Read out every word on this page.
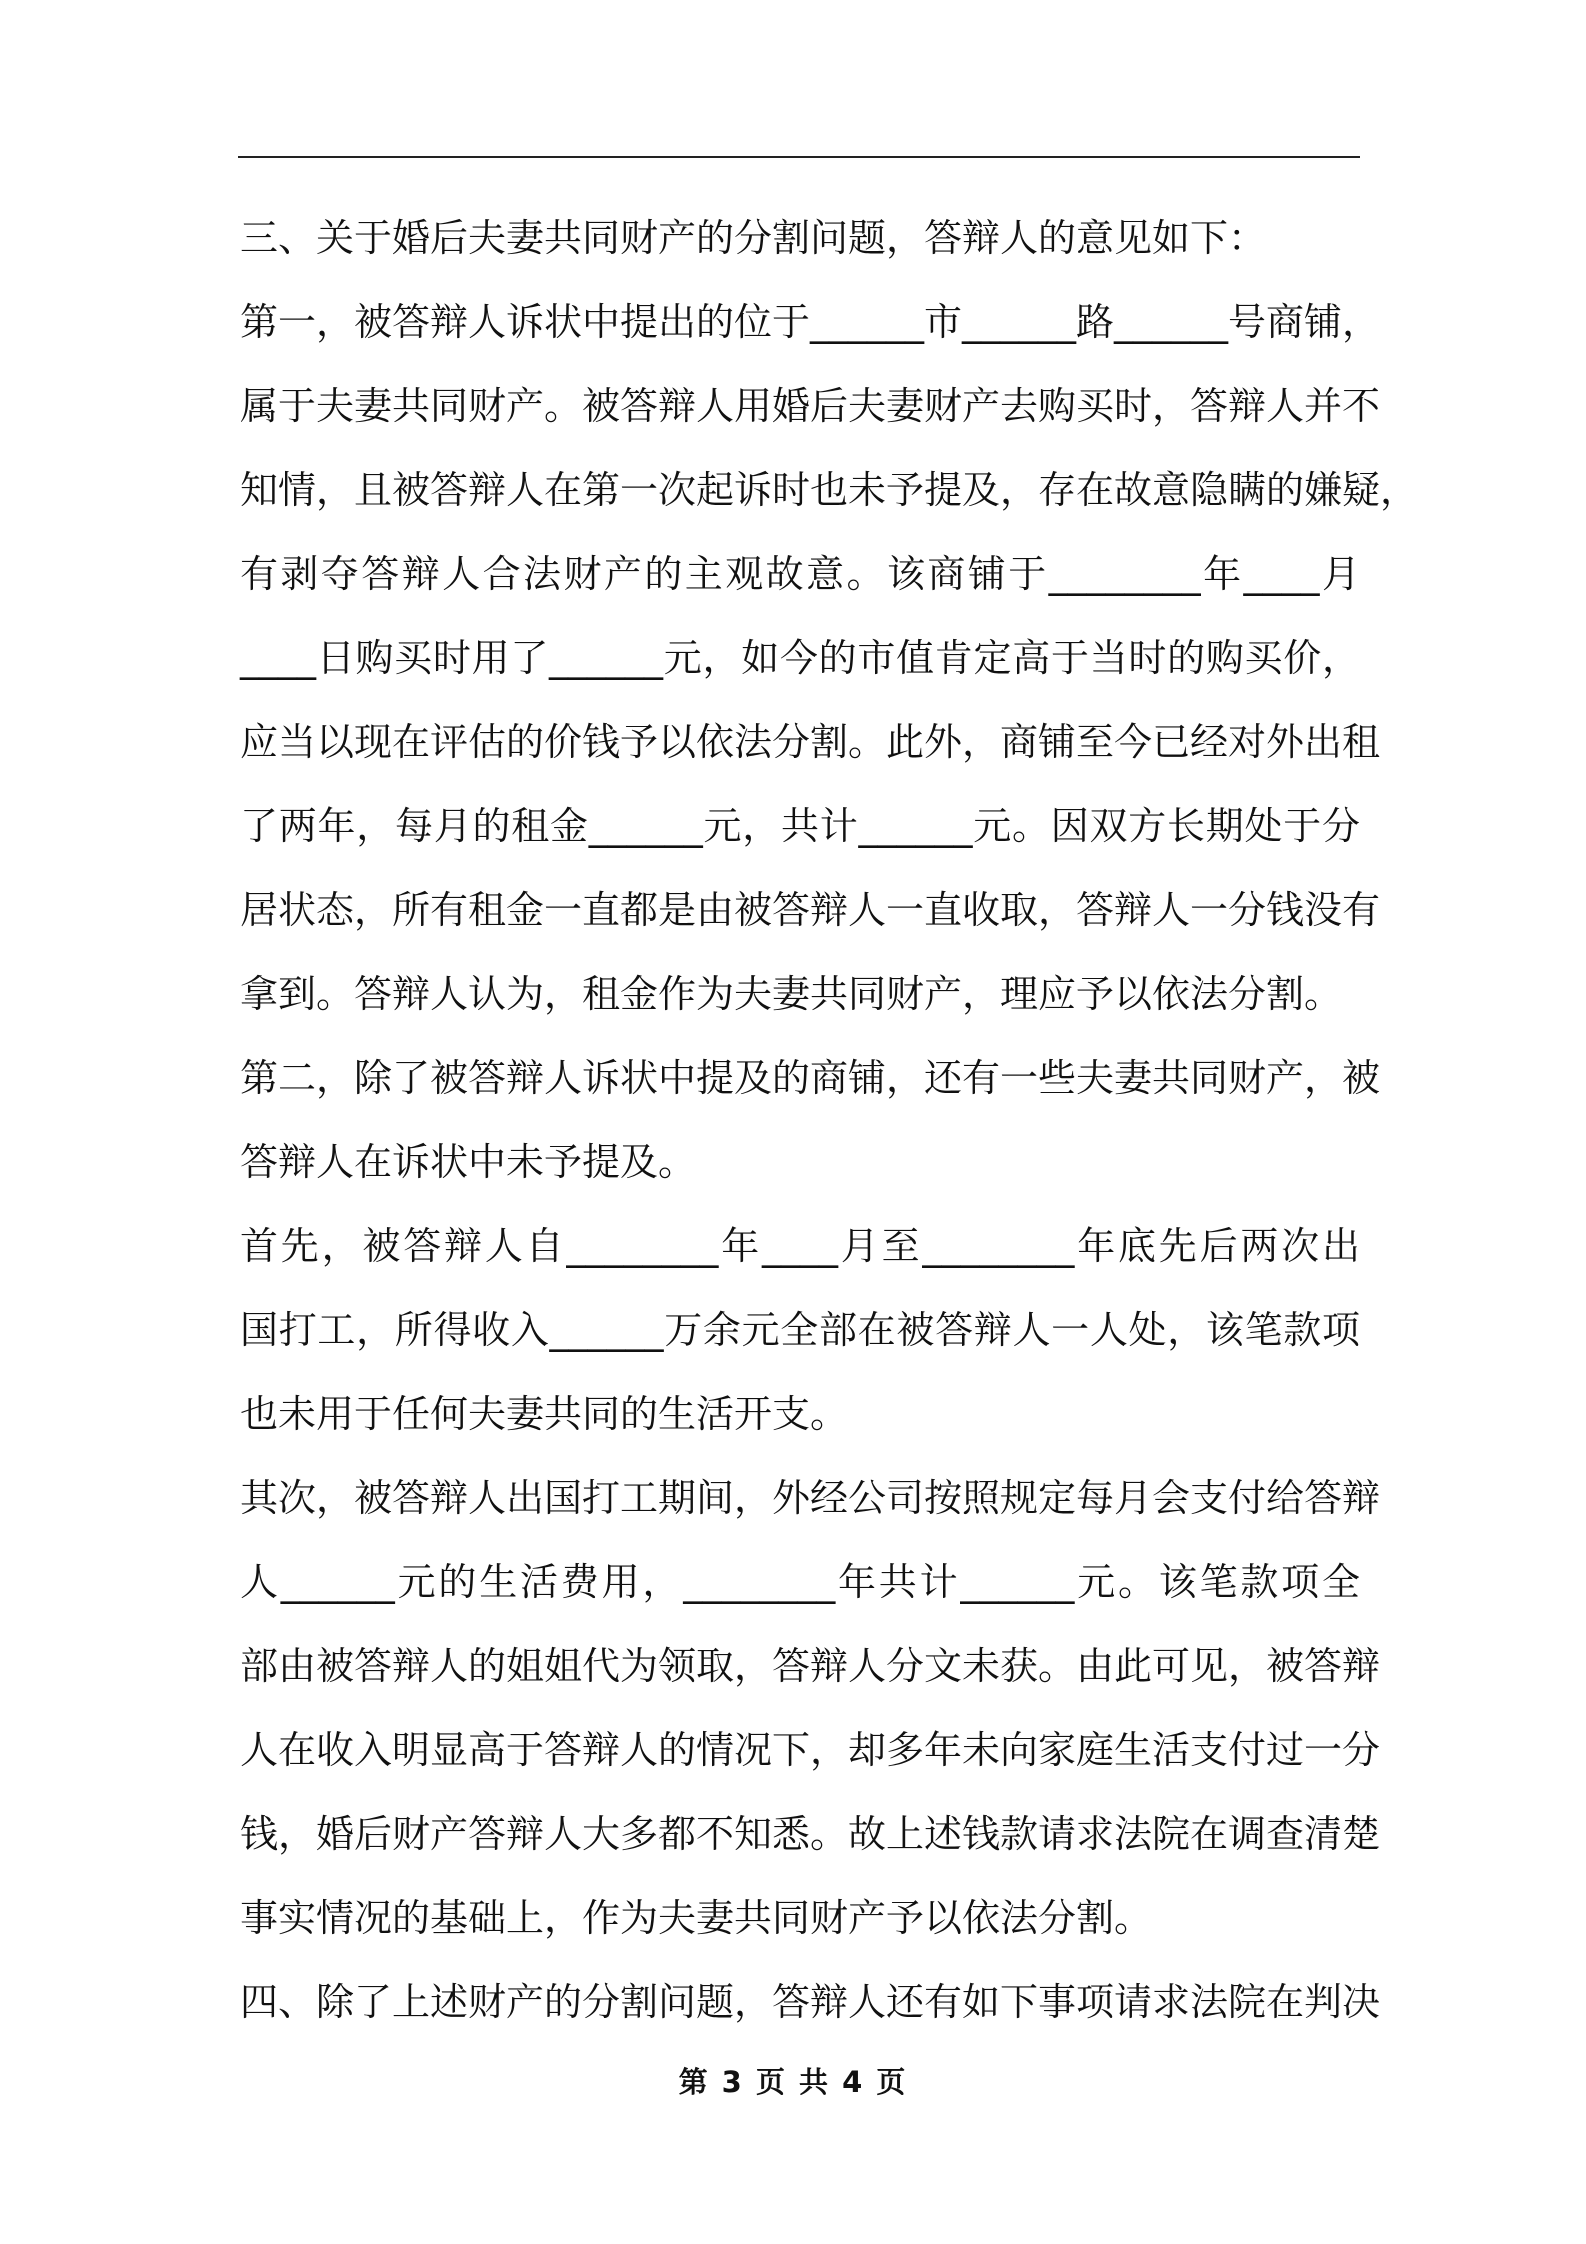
三、关于婚后夫妻共同财产的分割问题，答辩人的意见如下：
第一，被答辩人诉状中提出的位于______市______路______号商铺，
属于夫妻共同财产。被答辩人用婚后夫妻财产去购买时，答辩人并不
知情，且被答辩人在第一次起诉时也未予提及，存在故意隐瞒的嫌疑，
有剥夺答辩人合法财产的主观故意。该商铺于________年____月
____日购买时用了______元，如今的市值肯定高于当时的购买价，
应当以现在评估的价钱予以依法分割。此外，商铺至今已经对外出租
了两年，每月的租金______元，共计______元。因双方长期处于分
居状态，所有租金一直都是由被答辩人一直收取，答辩人一分钱没有
拿到。答辩人认为，租金作为夫妻共同财产，理应予以依法分割。
第二，除了被答辩人诉状中提及的商铺，还有一些夫妻共同财产，被
答辩人在诉状中未予提及。
首先，被答辩人自________年____月至________年底先后两次出
国打工，所得收入______万余元全部在被答辩人一人处，该笔款项
也未用于任何夫妻共同的生活开支。
其次，被答辩人出国打工期间，外经公司按照规定每月会支付给答辩
人______元的生活费用，________年共计______元。该笔款项全
部由被答辩人的姐姐代为领取，答辩人分文未获。由此可见，被答辩
人在收入明显高于答辩人的情况下，却多年未向家庭生活支付过一分
钱，婚后财产答辩人大多都不知悉。故上述钱款请求法院在调查清楚
事实情况的基础上，作为夫妻共同财产予以依法分割。
四、除了上述财产的分割问题，答辩人还有如下事项请求法院在判决
第 3 页 共 4 页
